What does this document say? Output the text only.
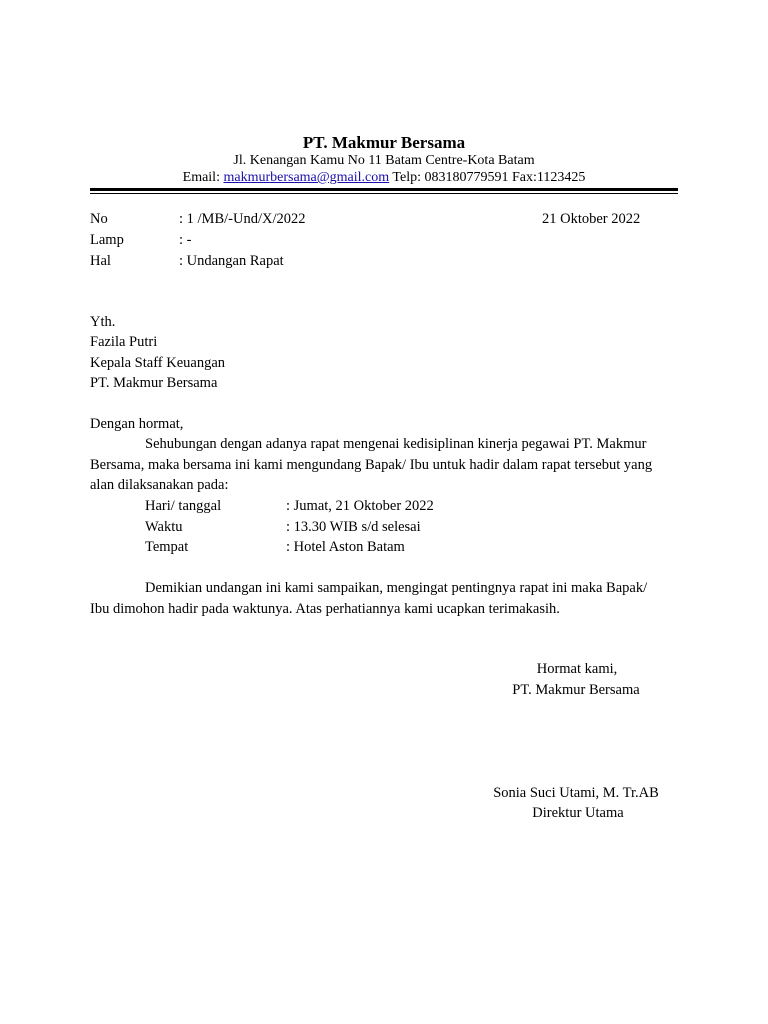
PT. Makmur Bersama
Jl. Kenangan Kamu No 11 Batam Centre-Kota Batam
Email: makmurbersama@gmail.com Telp: 083180779591 Fax:1123425
No	: 1 /MB/-Und/X/2022	21 Oktober 2022
Lamp	: -
Hal	: Undangan Rapat
Yth.
Fazila Putri
Kepala Staff Keuangan
PT. Makmur Bersama
Dengan hormat,
Sehubungan dengan adanya rapat mengenai kedisiplinan kinerja pegawai PT. Makmur
Bersama, maka bersama ini kami mengundang Bapak/ Ibu untuk hadir dalam rapat tersebut yang
alan dilaksanakan pada:
Hari/ tanggal	: Jumat, 21 Oktober 2022
Waktu	: 13.30 WIB s/d selesai
Tempat	: Hotel Aston Batam
Demikian undangan ini kami sampaikan, mengingat pentingnya rapat ini maka Bapak/
Ibu dimohon hadir pada waktunya. Atas perhatiannya kami ucapkan terimakasih.
Hormat kami,
PT. Makmur Bersama
Sonia Suci Utami, M. Tr.AB
Direktur Utama
